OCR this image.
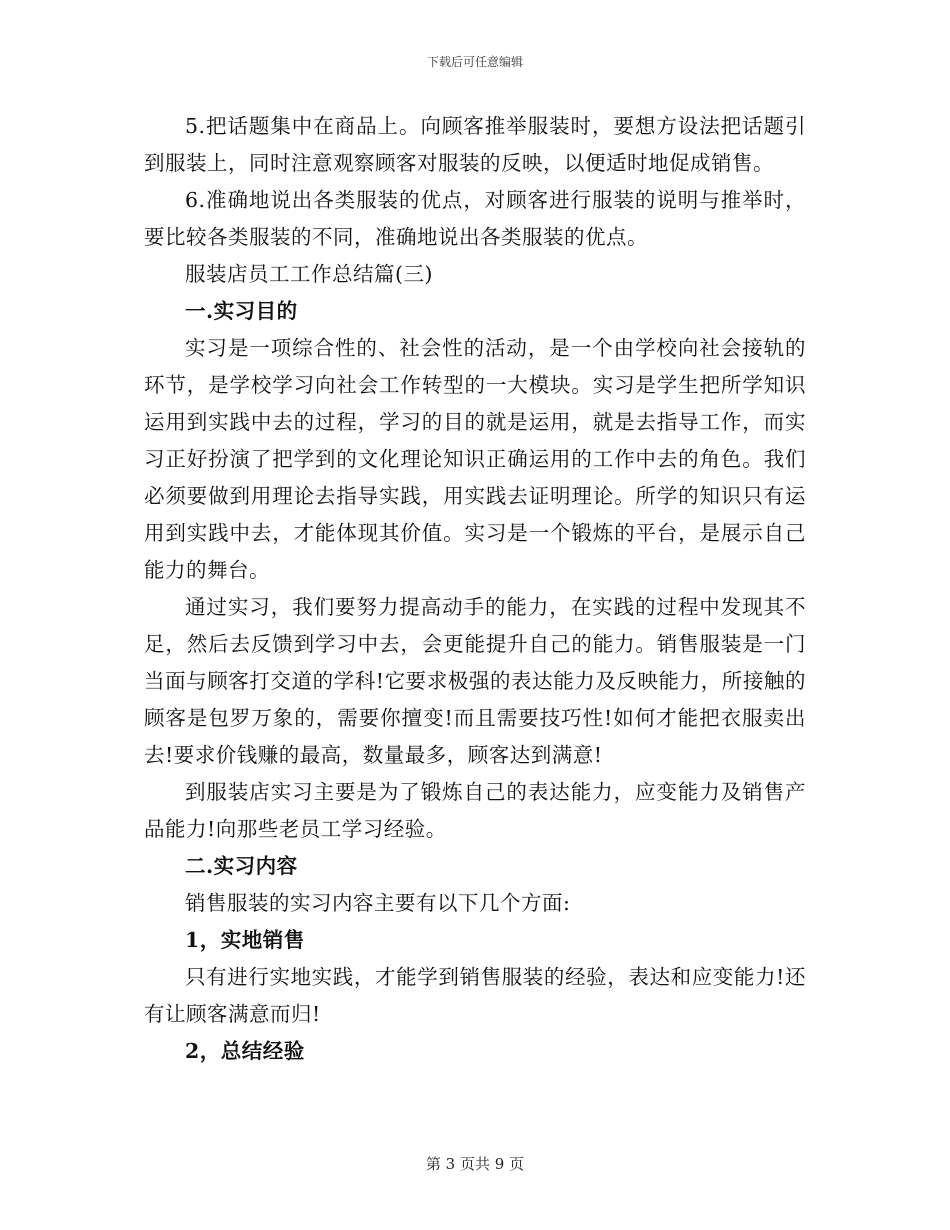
下载后可任意编辑

5.把话题集中在商品上。向顾客推举服装时，要想方设法把话题引到服装上，同时注意观察顾客对服装的反映，以便适时地促成销售。

6.准确地说出各类服装的优点，对顾客进行服装的说明与推举时，要比较各类服装的不同，准确地说出各类服装的优点。

服装店员工工作总结篇(三)

一.实习目的

实习是一项综合性的、社会性的活动，是一个由学校向社会接轨的环节，是学校学习向社会工作转型的一大模块。实习是学生把所学知识运用到实践中去的过程，学习的目的就是运用，就是去指导工作，而实习正好扮演了把学到的文化理论知识正确运用的工作中去的角色。我们必须要做到用理论去指导实践，用实践去证明理论。所学的知识只有运用到实践中去，才能体现其价值。实习是一个锻炼的平台，是展示自己能力的舞台。

通过实习，我们要努力提高动手的能力，在实践的过程中发现其不足，然后去反馈到学习中去，会更能提升自己的能力。销售服装是一门当面与顾客打交道的学科!它要求极强的表达能力及反映能力，所接触的顾客是包罗万象的，需要你擅变!而且需要技巧性!如何才能把衣服卖出去!要求价钱赚的最高，数量最多，顾客达到满意!

到服装店实习主要是为了锻炼自己的表达能力，应变能力及销售产品能力!向那些老员工学习经验。

二.实习内容

销售服装的实习内容主要有以下几个方面:

1，实地销售

只有进行实地实践，才能学到销售服装的经验，表达和应变能力!还有让顾客满意而归!

2，总结经验

第 3 页共 9 页
